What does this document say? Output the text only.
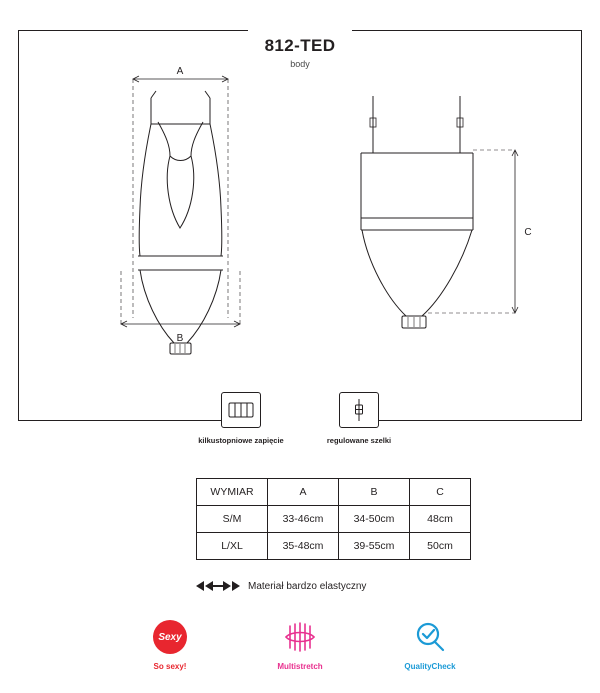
812-TED
body
A
B
C
kilkustopniowe zapięcie	regulowane szelki
WYMIAR	A	B	C
S/M	33-46cm	34-50cm	48cm
L/XL	35-48cm	39-55cm	50cm
Materiał bardzo elastyczny
Sexy
So sexy!	Multistretch	QualityCheck
